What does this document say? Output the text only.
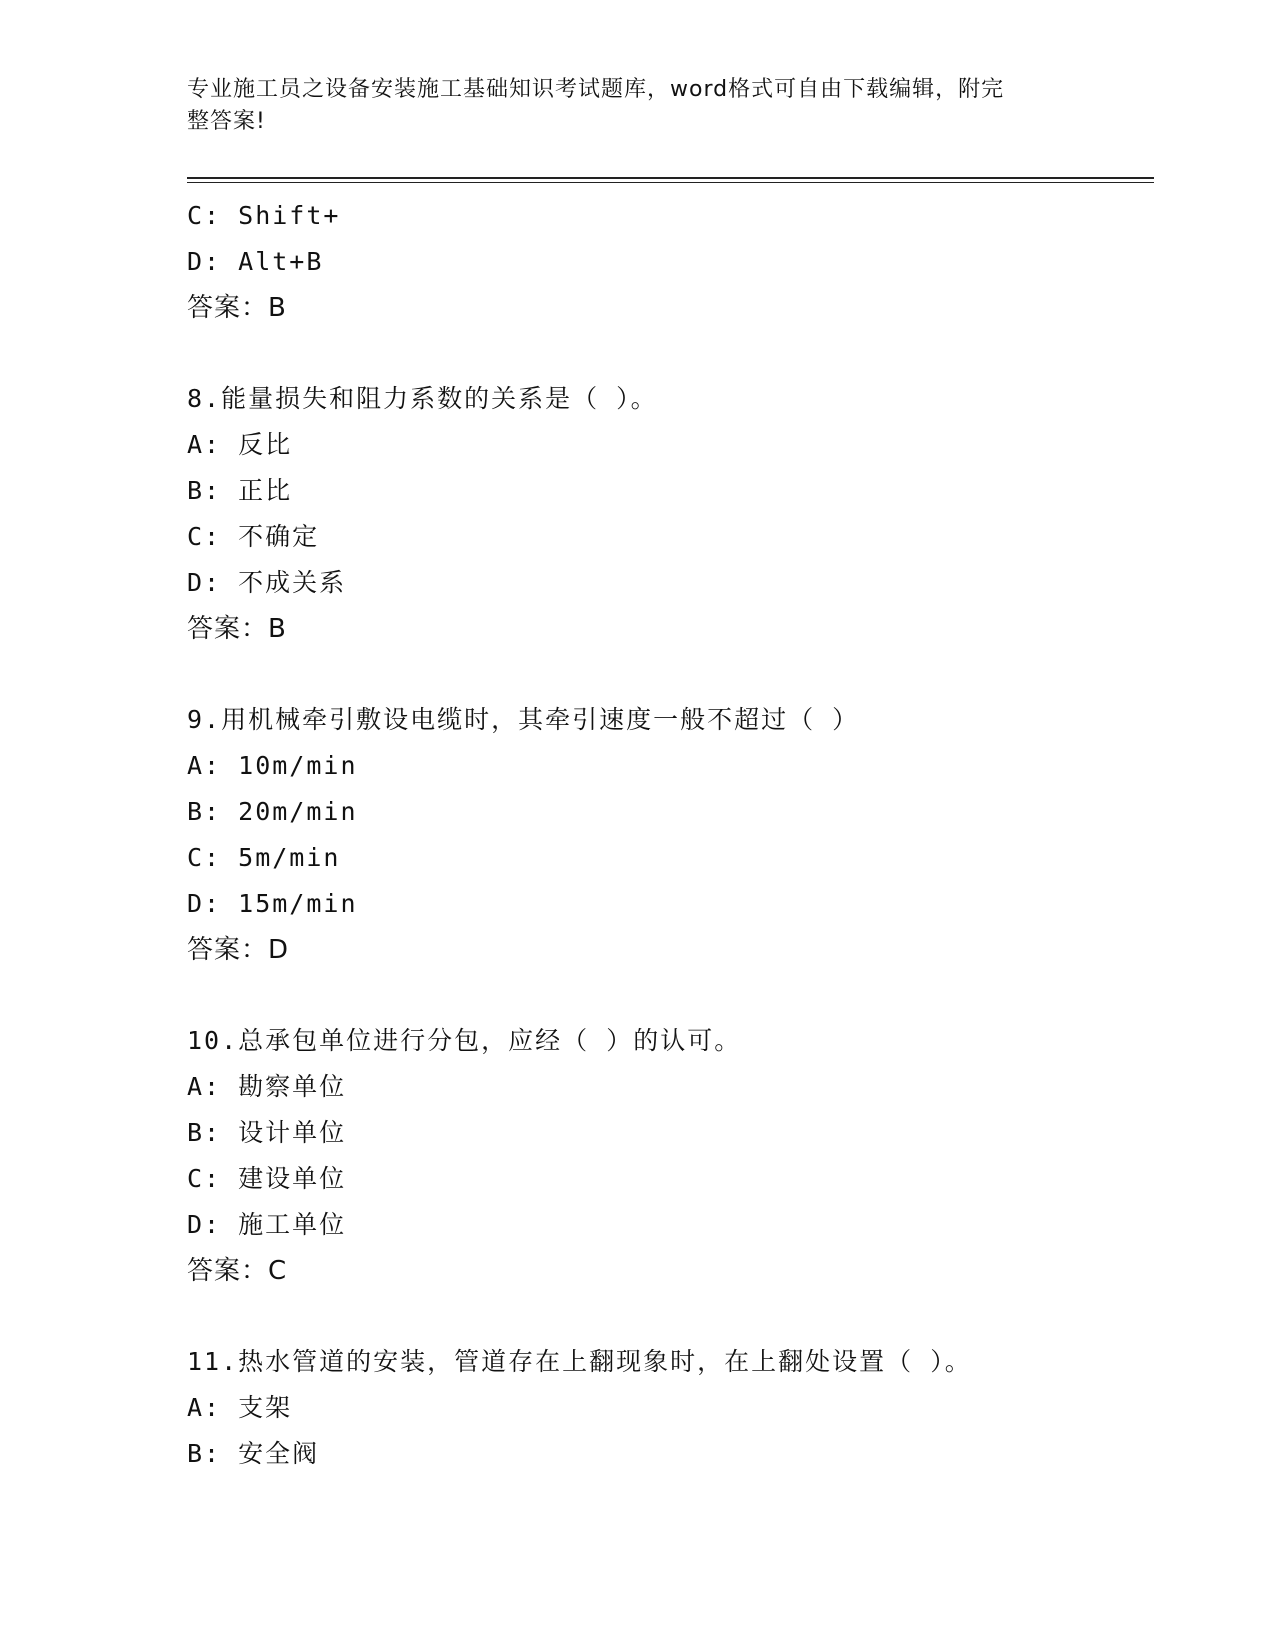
专业施工员之设备安装施工基础知识考试题库，word格式可自由下载编辑，附完
整答案!
C: Shift+
D: Alt+B
答案：B
8.能量损失和阻力系数的关系是（ ）。
A: 反比
B: 正比
C: 不确定
D: 不成关系
答案：B
9.用机械牵引敷设电缆时，其牵引速度一般不超过（ ）
A: 10m/min
B: 20m/min
C: 5m/min
D: 15m/min
答案：D
10.总承包单位进行分包，应经（ ）的认可。
A: 勘察单位
B: 设计单位
C: 建设单位
D: 施工单位
答案：C
11.热水管道的安装，管道存在上翻现象时，在上翻处设置（ ）。
A: 支架
B: 安全阀
